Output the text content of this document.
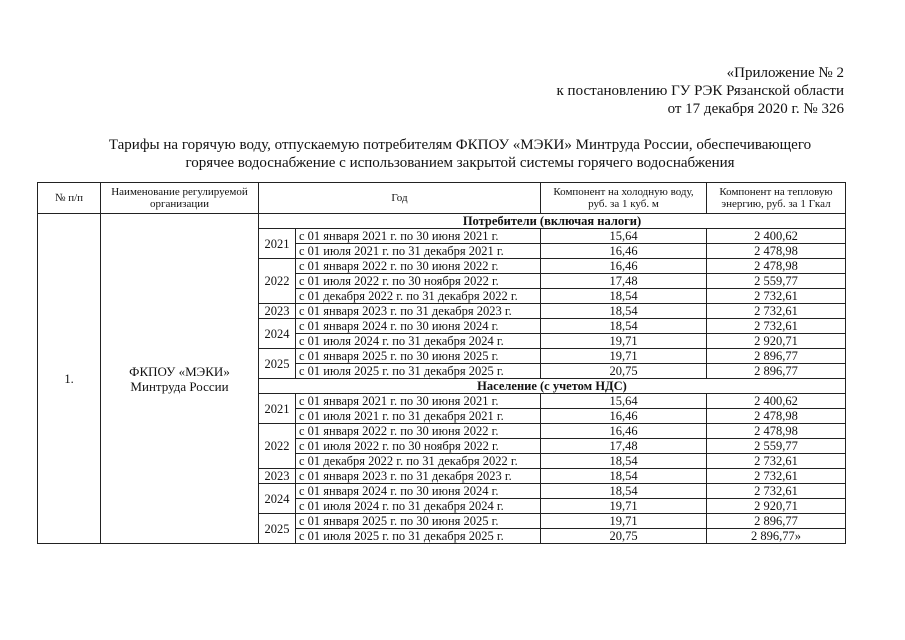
«Приложение № 2
к постановлению ГУ РЭК Рязанской области
от 17 декабря 2020 г. № 326
Тарифы на горячую воду, отпускаемую потребителям ФКПОУ «МЭКИ» Минтруда России, обеспечивающего
горячее водоснабжение с использованием закрытой системы горячего водоснабжения
№ п/п	Наименование регулируемой организации	Год		Компонент на холодную воду, руб. за 1 куб. м	Компонент на тепловую энергию, руб. за 1 Гкал
1.	ФКПОУ «МЭКИ» Минтруда России	Потребители (включая налоги)			
		2021	с 01 января 2021 г. по 30 июня 2021 г.	15,64	2 400,62
			с 01 июля 2021 г. по 31 декабря 2021 г.	16,46	2 478,98
		2022	с 01 января 2022 г. по 30 июня 2022 г.	16,46	2 478,98
			с 01 июля 2022 г. по 30 ноября 2022 г.	17,48	2 559,77
			с 01 декабря 2022 г. по 31 декабря 2022 г.	18,54	2 732,61
		2023	с 01 января 2023 г. по 31 декабря 2023 г.	18,54	2 732,61
		2024	с 01 января 2024 г. по 30 июня 2024 г.	18,54	2 732,61
			с 01 июля 2024 г. по 31 декабря 2024 г.	19,71	2 920,71
		2025	с 01 января 2025 г. по 30 июня 2025 г.	19,71	2 896,77
			с 01 июля 2025 г. по 31 декабря 2025 г.	20,75	2 896,77
		Население (с учетом НДС)			
		2021	с 01 января 2021 г. по 30 июня 2021 г.	15,64	2 400,62
			с 01 июля 2021 г. по 31 декабря 2021 г.	16,46	2 478,98
		2022	с 01 января 2022 г. по 30 июня 2022 г.	16,46	2 478,98
			с 01 июля 2022 г. по 30 ноября 2022 г.	17,48	2 559,77
			с 01 декабря 2022 г. по 31 декабря 2022 г.	18,54	2 732,61
		2023	с 01 января 2023 г. по 31 декабря 2023 г.	18,54	2 732,61
		2024	с 01 января 2024 г. по 30 июня 2024 г.	18,54	2 732,61
			с 01 июля 2024 г. по 31 декабря 2024 г.	19,71	2 920,71
		2025	с 01 января 2025 г. по 30 июня 2025 г.	19,71	2 896,77
			с 01 июля 2025 г. по 31 декабря 2025 г.	20,75	2 896,77»
